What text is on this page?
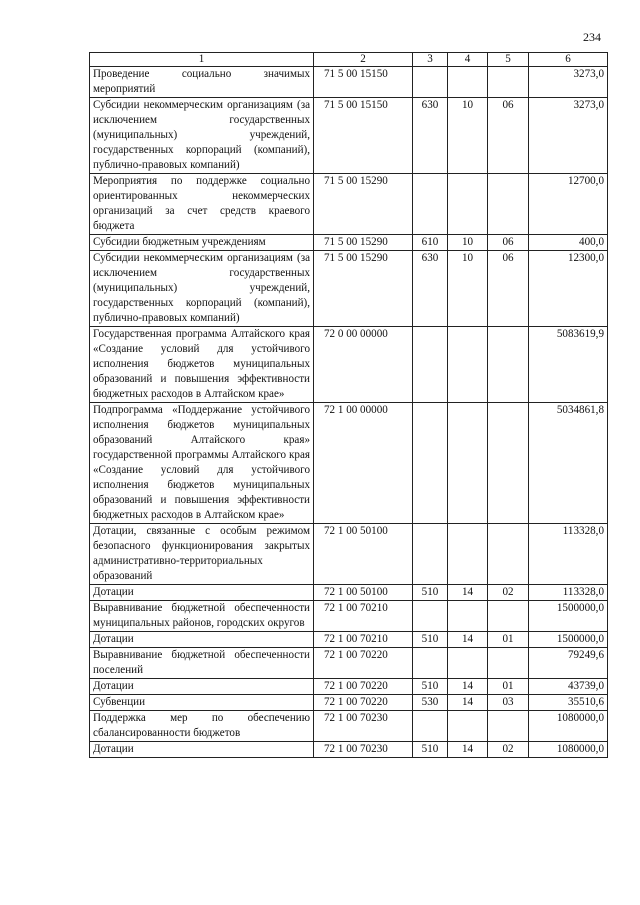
234
1	2	3	4	5	6
Проведение социально значимых мероприятий	71 5 00 15150				3273,0
Субсидии некоммерческим организациям (за исключением государственных (муниципальных) учреждений, государственных корпораций (компаний), публично-правовых компаний)	71 5 00 15150	630	10	06	3273,0
Мероприятия по поддержке социально ориентированных некоммерческих организаций за счет средств краевого бюджета	71 5 00 15290				12700,0
Субсидии бюджетным учреждениям	71 5 00 15290	610	10	06	400,0
Субсидии некоммерческим организациям (за исключением государственных (муниципальных) учреждений, государственных корпораций (компаний), публично-правовых компаний)	71 5 00 15290	630	10	06	12300,0
Государственная программа Алтайского края «Создание условий для устойчивого исполнения бюджетов муниципальных образований и повышения эффективности бюджетных расходов в Алтайском крае»	72 0 00 00000				5083619,9
Подпрограмма «Поддержание устойчивого исполнения бюджетов муниципальных образований Алтайского края» государственной программы Алтайского края «Создание условий для устойчивого исполнения бюджетов муниципальных образований и повышения эффективности бюджетных расходов в Алтайском крае»	72 1 00 00000				5034861,8
Дотации, связанные с особым режимом безопасного функционирования закрытых административно-территориальных образований	72 1 00 50100				113328,0
Дотации	72 1 00 50100	510	14	02	113328,0
Выравнивание бюджетной обеспеченности муниципальных районов, городских округов	72 1 00 70210				1500000,0
Дотации	72 1 00 70210	510	14	01	1500000,0
Выравнивание бюджетной обеспеченности поселений	72 1 00 70220				79249,6
Дотации	72 1 00 70220	510	14	01	43739,0
Субвенции	72 1 00 70220	530	14	03	35510,6
Поддержка мер по обеспечению сбалансированности бюджетов	72 1 00 70230				1080000,0
Дотации	72 1 00 70230	510	14	02	1080000,0
